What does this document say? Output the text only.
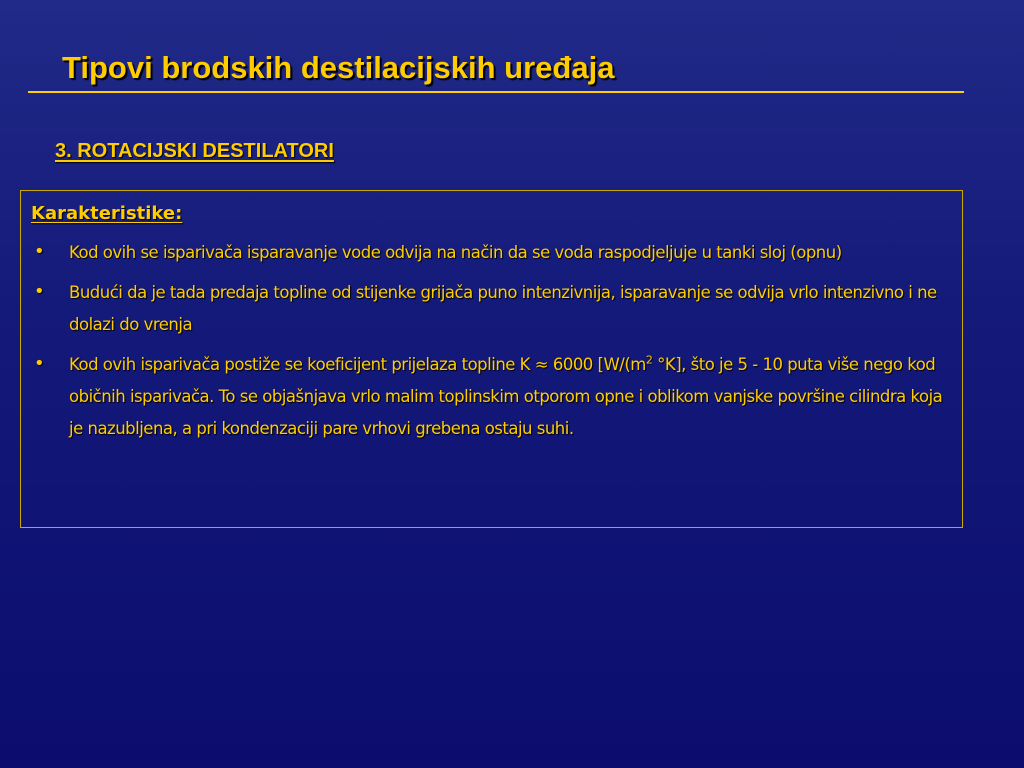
Tipovi brodskih destilacijskih uređaja
3. ROTACIJSKI DESTILATORI
Karakteristike:
• Kod ovih se isparivača isparavanje vode odvija na način da se voda raspodjeljuje u tanki sloj (opnu)
• Budući da je tada predaja topline od stijenke grijača puno intenzivnija, isparavanje se odvija vrlo intenzivno i ne dolazi do vrenja
• Kod ovih isparivača postiže se koeficijent prijelaza topline K ≈ 6000 [$W/(m^2$ °K], što je 5 - 10 puta više nego kod običnih isparivača. To se objašnjava vrlo malim toplinskim otporom opne i oblikom vanjske površine cilindra koja je nazubljena, a pri kondenzaciji pare vrhovi grebena ostaju suhi.
